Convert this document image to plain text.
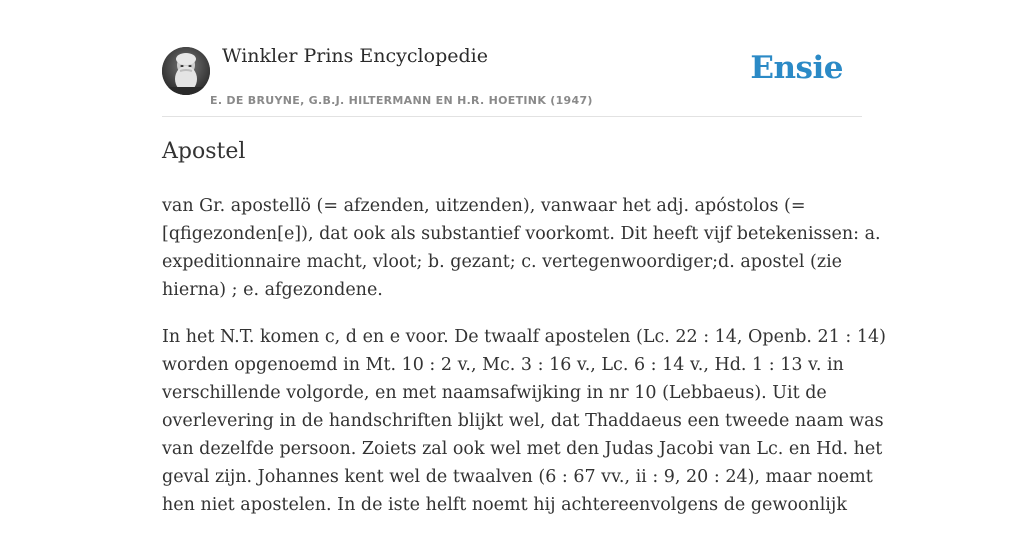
Winkler Prins Encyclopedie
E. DE BRUYNE, G.B.J. HILTERMANN EN H.R. HOETINK (1947)
Ensie
Apostel

van Gr. apostellö (= afzenden, uitzenden), vanwaar het adj. apóstolos (=
[qfigezonden[e]), dat ook als substantief voorkomt. Dit heeft vijf betekenissen: a.
expeditionnaire macht, vloot; b. gezant; c. vertegenwoordiger;d. apostel (zie
hierna) ; e. afgezondene.

In het N.T. komen c, d en e voor. De twaalf apostelen (Lc. 22 : 14, Openb. 21 : 14)
worden opgenoemd in Mt. 10 : 2 v., Mc. 3 : 16 v., Lc. 6 : 14 v., Hd. 1 : 13 v. in
verschillende volgorde, en met naamsafwijking in nr 10 (Lebbaeus). Uit de
overlevering in de handschriften blijkt wel, dat Thaddaeus een tweede naam was
van dezelfde persoon. Zoiets zal ook wel met den Judas Jacobi van Lc. en Hd. het
geval zijn. Johannes kent wel de twaalven (6 : 67 vv., ii : 9, 20 : 24), maar noemt
hen niet apostelen. In de iste helft noemt hij achtereenvolgens de gewoonlijk
